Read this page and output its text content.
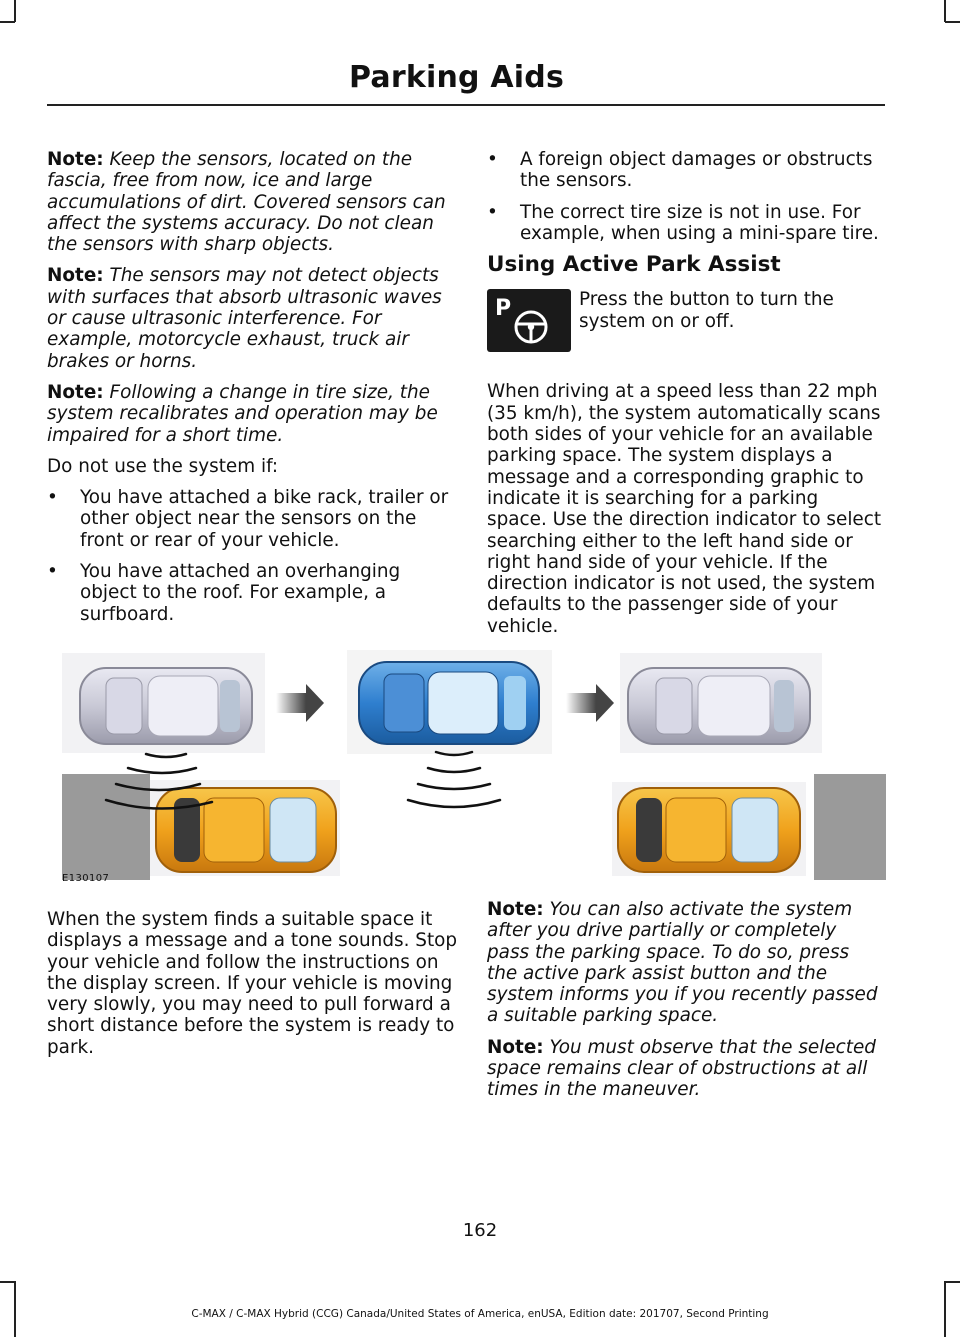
Parking Aids

Note: Keep the sensors, located on the fascia, free from now, ice and large accumulations of dirt. Covered sensors can affect the systems accuracy. Do not clean the sensors with sharp objects.

Note: The sensors may not detect objects with surfaces that absorb ultrasonic waves or cause ultrasonic interference. For example, motorcycle exhaust, truck air brakes or horns.

Note: Following a change in tire size, the system recalibrates and operation may be impaired for a short time.

Do not use the system if:

• You have attached a bike rack, trailer or other object near the sensors on the front or rear of your vehicle.
• You have attached an overhanging object to the roof. For example, a surfboard.
• A foreign object damages or obstructs the sensors.
• The correct tire size is not in use. For example, when using a mini-spare tire.
Using Active Park Assist
P	Press the button to turn the system on or off.

When driving at a speed less than 22 mph (35 km/h), the system automatically scans both sides of your vehicle for an available parking space. The system displays a message and a corresponding graphic to indicate it is searching for a parking space. Use the direction indicator to select searching either to the left hand side or right hand side of your vehicle. If the direction indicator is not used, the system defaults to the passenger side of your vehicle.

E130107

When the system finds a suitable space it displays a message and a tone sounds. Stop your vehicle and follow the instructions on the display screen. If your vehicle is moving very slowly, you may need to pull forward a short distance before the system is ready to park.

Note: You can also activate the system after you drive partially or completely pass the parking space. To do so, press the active park assist button and the system informs you if you recently passed a suitable parking space.

Note: You must observe that the selected space remains clear of obstructions at all times in the maneuver.

162
C-MAX / C-MAX Hybrid (CCG) Canada/United States of America, enUSA, Edition date: 201707, Second Printing
